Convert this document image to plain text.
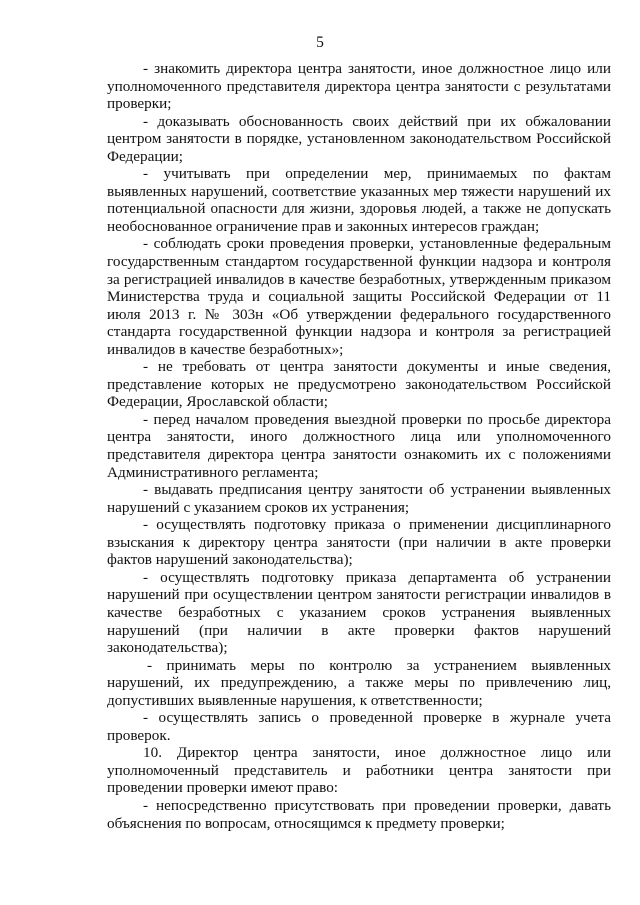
5

- знакомить директора центра занятости, иное должностное лицо или уполномоченного представителя директора центра занятости с результатами проверки;

- доказывать обоснованность своих действий при их обжаловании центром занятости в порядке, установленном законодательством Российской Федерации;

- учитывать при определении мер, принимаемых по фактам выявленных нарушений, соответствие указанных мер тяжести нарушений их потенциальной опасности для жизни, здоровья людей, а также не допускать необоснованное ограничение прав и законных интересов граждан;

- соблюдать сроки проведения проверки, установленные федеральным государственным стандартом государственной функции надзора и контроля за регистрацией инвалидов в качестве безработных, утвержденным приказом Министерства труда и социальной защиты Российской Федерации от 11 июля 2013 г. № 303н «Об утверждении федерального государственного стандарта государственной функции надзора и контроля за регистрацией инвалидов в качестве безработных»;

- не требовать от центра занятости документы и иные сведения, представление которых не предусмотрено законодательством Российской Федерации, Ярославской области;

- перед началом проведения выездной проверки по просьбе директора центра занятости, иного должностного лица или уполномоченного представителя директора центра занятости ознакомить их с положениями Административного регламента;

- выдавать предписания центру занятости об устранении выявленных нарушений с указанием сроков их устранения;

- осуществлять подготовку приказа о применении дисциплинарного взыскания к директору центра занятости (при наличии в акте проверки фактов нарушений законодательства);

- осуществлять подготовку приказа департамента об устранении нарушений при осуществлении центром занятости регистрации инвалидов в качестве безработных с указанием сроков устранения выявленных нарушений (при наличии в акте проверки фактов нарушений законодательства);

- принимать меры по контролю за устранением выявленных нарушений, их предупреждению, а также меры по привлечению лиц, допустивших выявленные нарушения, к ответственности;

- осуществлять запись о проведенной проверке в журнале учета проверок.

10. Директор центра занятости, иное должностное лицо или уполномоченный представитель и работники центра занятости при проведении проверки имеют право:

- непосредственно присутствовать при проведении проверки, давать объяснения по вопросам, относящимся к предмету проверки;
